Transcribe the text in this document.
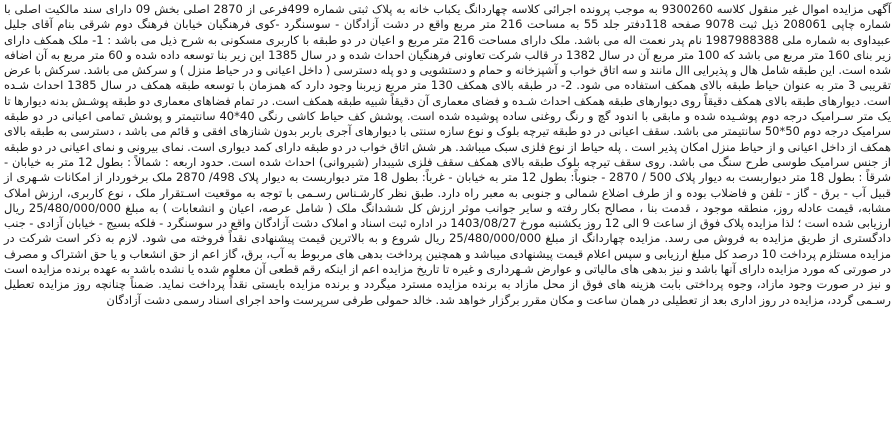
آگهی مزایده اموال غیر منقول کلاسه 9300260 به موجب پرونده اجرائی کلاسه چهاردانگ یکباب خانه به پلاک ثبتی شماره 499فرعی از 2870 اصلی بخش 09 دارای سند مالکیت اصلی با شماره چاپی 208061 ذیل ثبت 9078 صفحه 118دفتر جلد 55 به مساحت 216 متر مربع واقع در دشت آزادگان - سوسنگرد -کوی فرهنگیان خیابان فرهنگ دوم شرقی بنام آقای جلیل عبیداوی به شماره ملی 1987988388 نام پدر نعمت اله می باشد. ملک دارای مساحت 216 متر مربع و اعیان در دو طبقه با کاربری مسکونی به شرح ذیل می باشد : 1- ملک همکف دارای زیر بنای 160 متر مربع می باشد که 100 متر مربع آن در سال 1382 در قالب شرکت تعاونی فرهنگیان احداث شده و در سال 1385 این زیر بنا توسعه داده شده و 60 متر مربع به آن اضافه شده است. این طبقه شامل هال و پذیرایی اال مانند و سه اتاق خواب و آشپزخانه و حمام و دستشویی و دو پله دسترسی ( داخل اعیانی و در حیاط منزل ) و سرکش می باشد. سرکش با عرض تقریبی 3 متر به عنوان حیاط طبقه بالای همکف استفاده می شود. 2- در طبقه بالای همکف 130 متر مربع زیربنا وجود دارد که همزمان با توسعه طبقه همکف در سال 1385 احداث شـده است. دیوارهای طبقه بالای همکف دقیقاً روی دیوارهای طبقه همکف احداث شـده و فضای معماری آن دقیقاً شبیه طبقه همکف است. در تمام فضاهای معماری دو طبقه پوشـش بدنه دیوارها تا یک متر سـرامیک درجه دوم پوشـیده شده و مابقی با اندود گچ و رنگ روغنی ساده پوشیده شده است. پوشش کف حیاط کاشی رنگی 40*40 سانتیمتر و پوشش تمامی اعیانی در دو طبقه سرامیک درجه دوم 50*50 سانتیمتر می باشد. سقف اعیانی در دو طبقه تیرچه بلوک و نوع سازه سنتی با دیوارهای آجری باربر بدون شنازهای افقی و قائم می باشد ، دسترسی به طبقه بالای همکف از داخل اعیانی و از حیاط منزل امکان پذیر است . پله حیاط از نوع فلزی سبک میباشد. هر شش اتاق خواب در دو طبقه دارای کمد دیواری است. نمای بیرونی و نمای اعیانی در دو طبقه از جنس سرامیک طوسی طرح سنگ می باشد. روی سقف تیرچه بلوک طبقه بالای همکف سقف فلزی شیبدار (شیروانی) احداث شده است. حدود اربعه : شمالاً : بطول 12 متر به خیابان - شرقاً : بطول 18 متر دیواربست به دیوار پلاک 500 / 2870 - جنوباً: بطول 12 متر به خیابان - غرباً: بطول 18 متر دیواربست به دیوار پلاک 498/ 2870 ملک برخوردار از امکانات شـهری از قبیل آب - برق - گاز - تلفن و فاضلاب بوده و از طرف اضلاع شمالی و جنوبی به معبر راه دارد. طبق نظر کارشـناس رسـمی با توجه به موقعیت اسـتقرار ملک ، نوع کاربری، ارزش املاک مشابه، قیمت عادله روز، منطقه موجود ، قدمت بنا ، مصالح بکار رفته و سایر جوانب موثر ارزش کل ششدانگ ملک ( شامل عرصه، اعیان و انشعابات ) به مبلغ 25/480/000/000 ریال ارزیابی شده است ؛ لذا مزایده پلاک فوق از ساعت 9 الی 12 روز یکشنبه مورخ 1403/08/27 در اداره ثبت اسناد و املاک دشت آزادگان واقع در سوسنگرد - فلکه بسیج - خیابان آزادی - جنب دادگستری از طریق مزایده به فروش می رسد. مزایده چهاردانگ از مبلغ 25/480/000/000 ریال شروع و به بالاترین قیمت پیشنهادی نقداً فروخته می شود. لازم به ذکر است شرکت در مزایده مستلزم پرداخت 10 درصد کل مبلغ ارزیابی و سپس اعلام قیمت پیشنهادی میباشد و همچنین پرداخت بدهی های مربوط به آب، برق، گاز اعم از حق انشعاب و یا حق اشتراک و مصرف در صورتی که مورد مزایده دارای آنها باشد و نیز بدهی های مالیاتی و عوارض شـهرداری و غیره تا تاریخ مزایده اعم از اینکه رقم قطعی آن معلوم شده یا نشده باشد به عهده برنده مزایده است و نیز در صورت وجود مازاد، وجوه پرداختی بابت هزینه های فوق از محل مازاد به برنده مزایده مسترد میگردد و برنده مزایده بایستی نقداً پرداخت نماید. ضمناً چنانچه روز مزایده تعطیل رسـمی گردد، مزایده در روز اداری بعد از تعطیلی در همان ساعت و مکان مقرر برگزار خواهد شد. خالد حمولی طرفی سرپرست واحد اجرای اسناد رسمی دشت آزادگان
